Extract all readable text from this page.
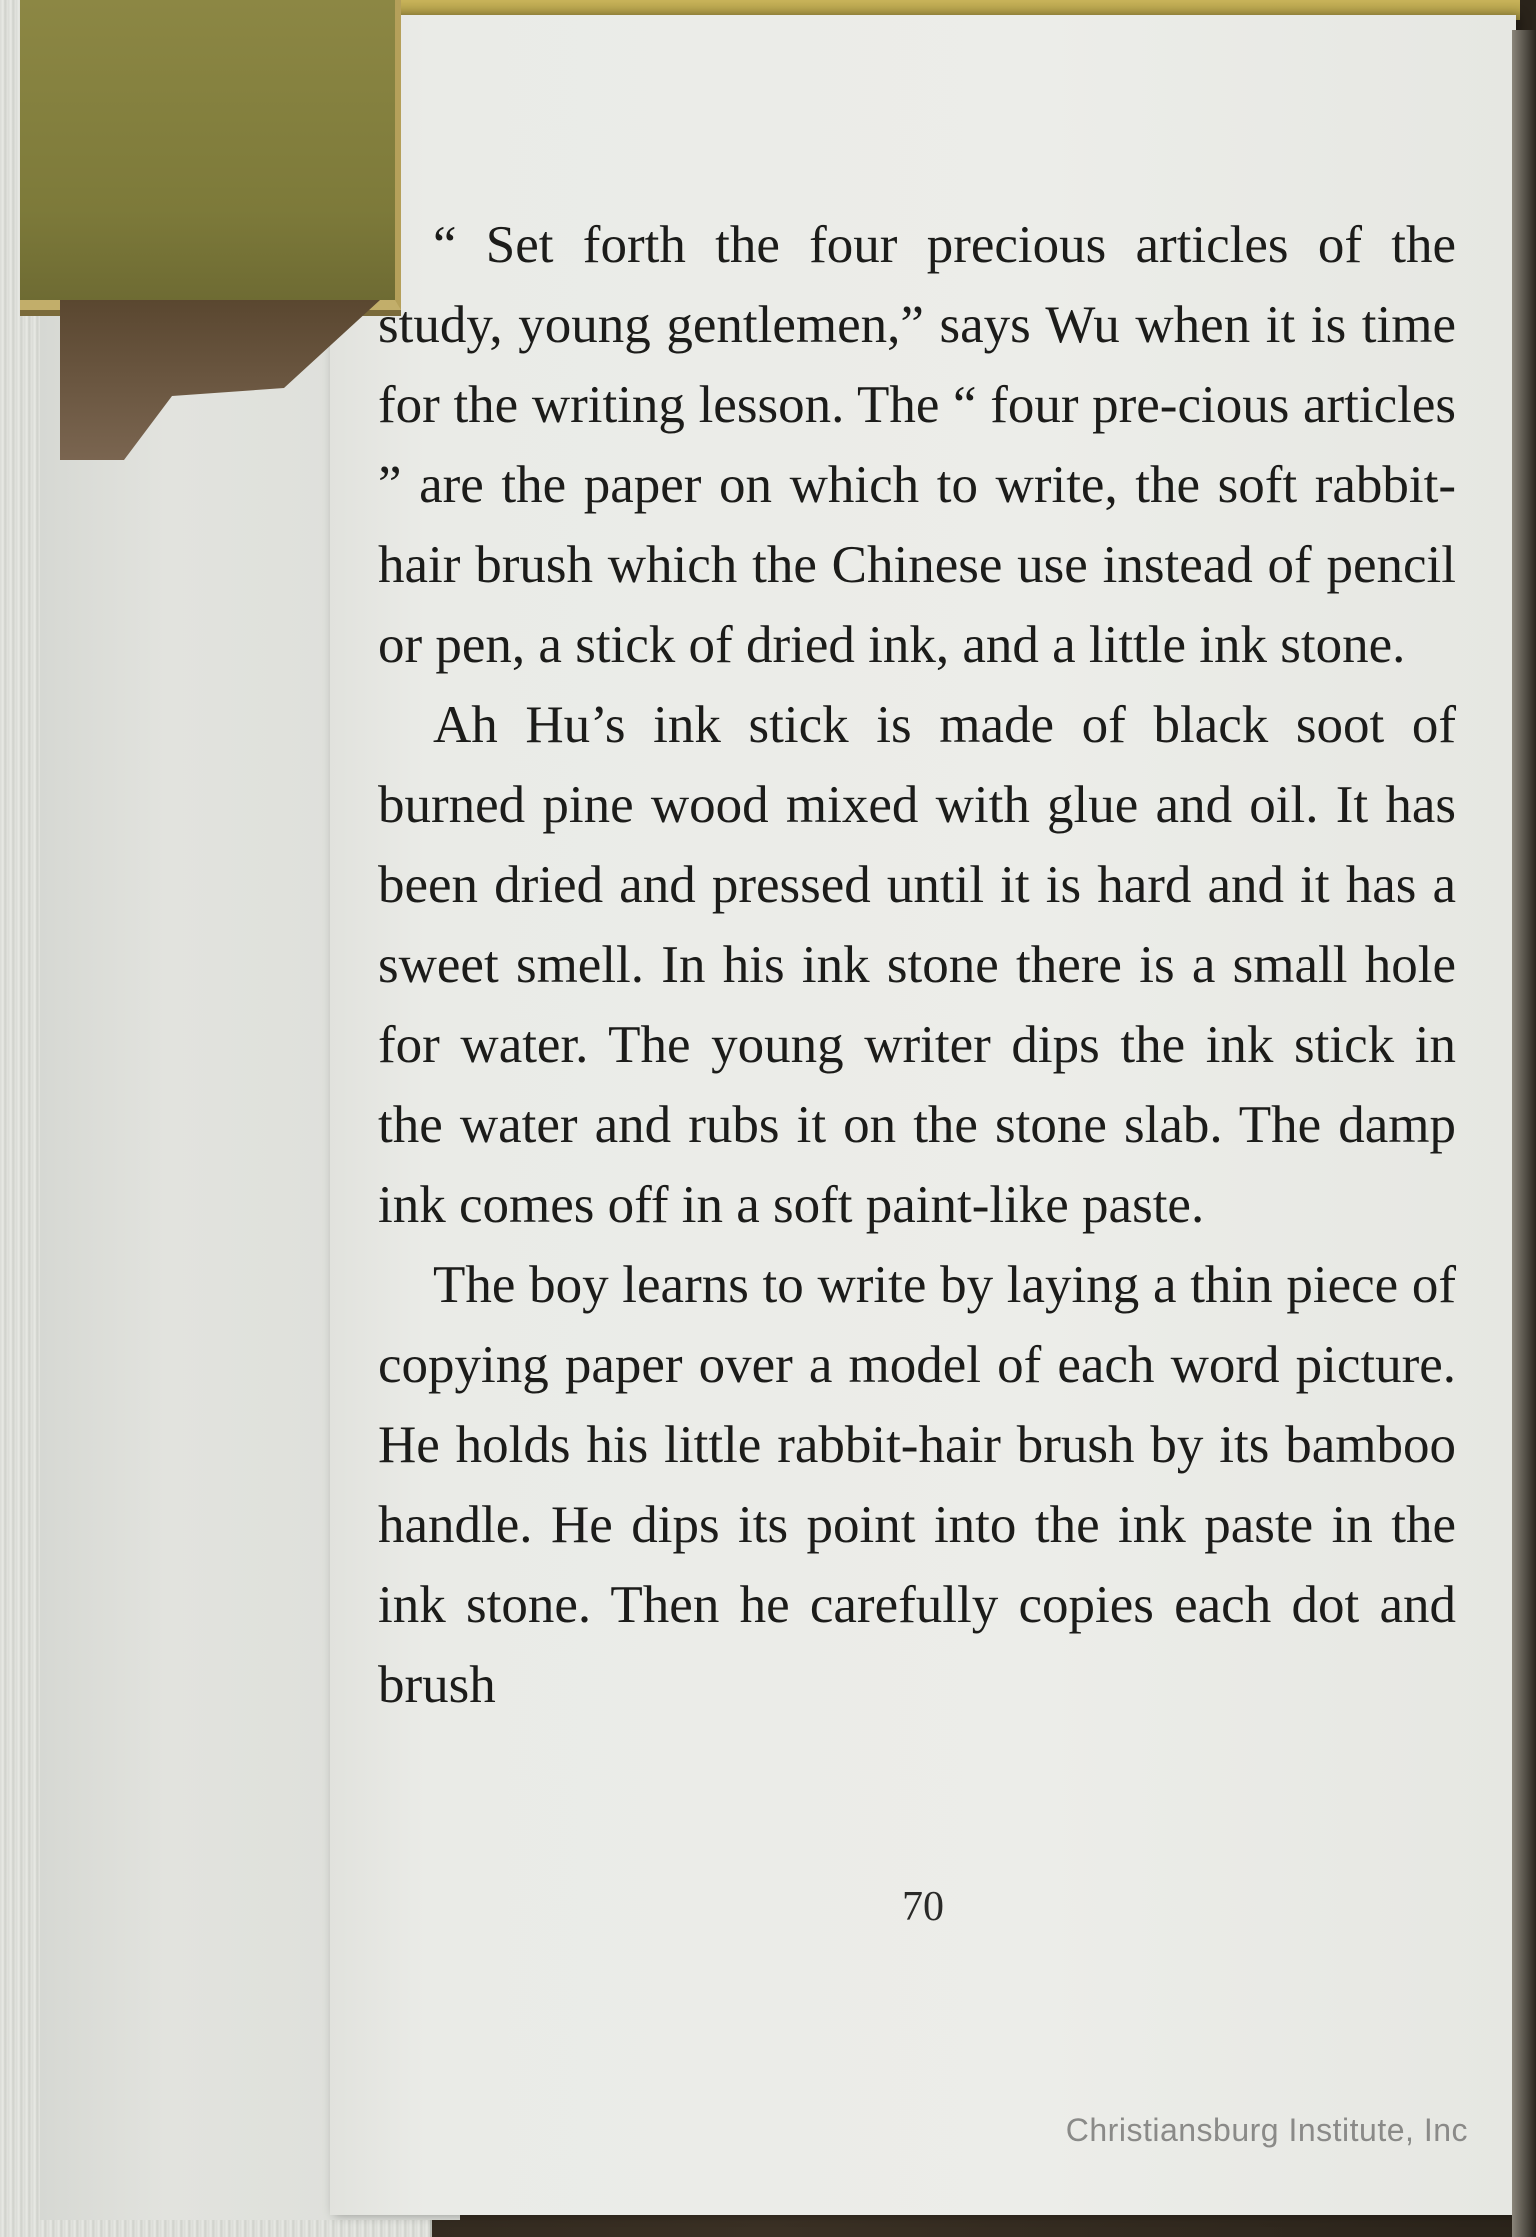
70

“ Set forth the four precious articles of the study, young gentlemen,” says Wu when it is time for the writing lesson. The “ four pre-cious articles ” are the paper on which to write, the soft rabbit-hair brush which the Chinese use instead of pencil or pen, a stick of dried ink, and a little ink stone.

Ah Hu’s ink stick is made of black soot of burned pine wood mixed with glue and oil. It has been dried and pressed until it is hard and it has a sweet smell. In his ink stone there is a small hole for water. The young writer dips the ink stick in the water and rubs it on the stone slab. The damp ink comes off in a soft paint-like paste.

The boy learns to write by laying a thin piece of copying paper over a model of each word picture. He holds his little rabbit-hair brush by its bamboo handle. He dips its point into the ink paste in the ink stone. Then he carefully copies each dot and brush

Christiansburg Institute, Inc
